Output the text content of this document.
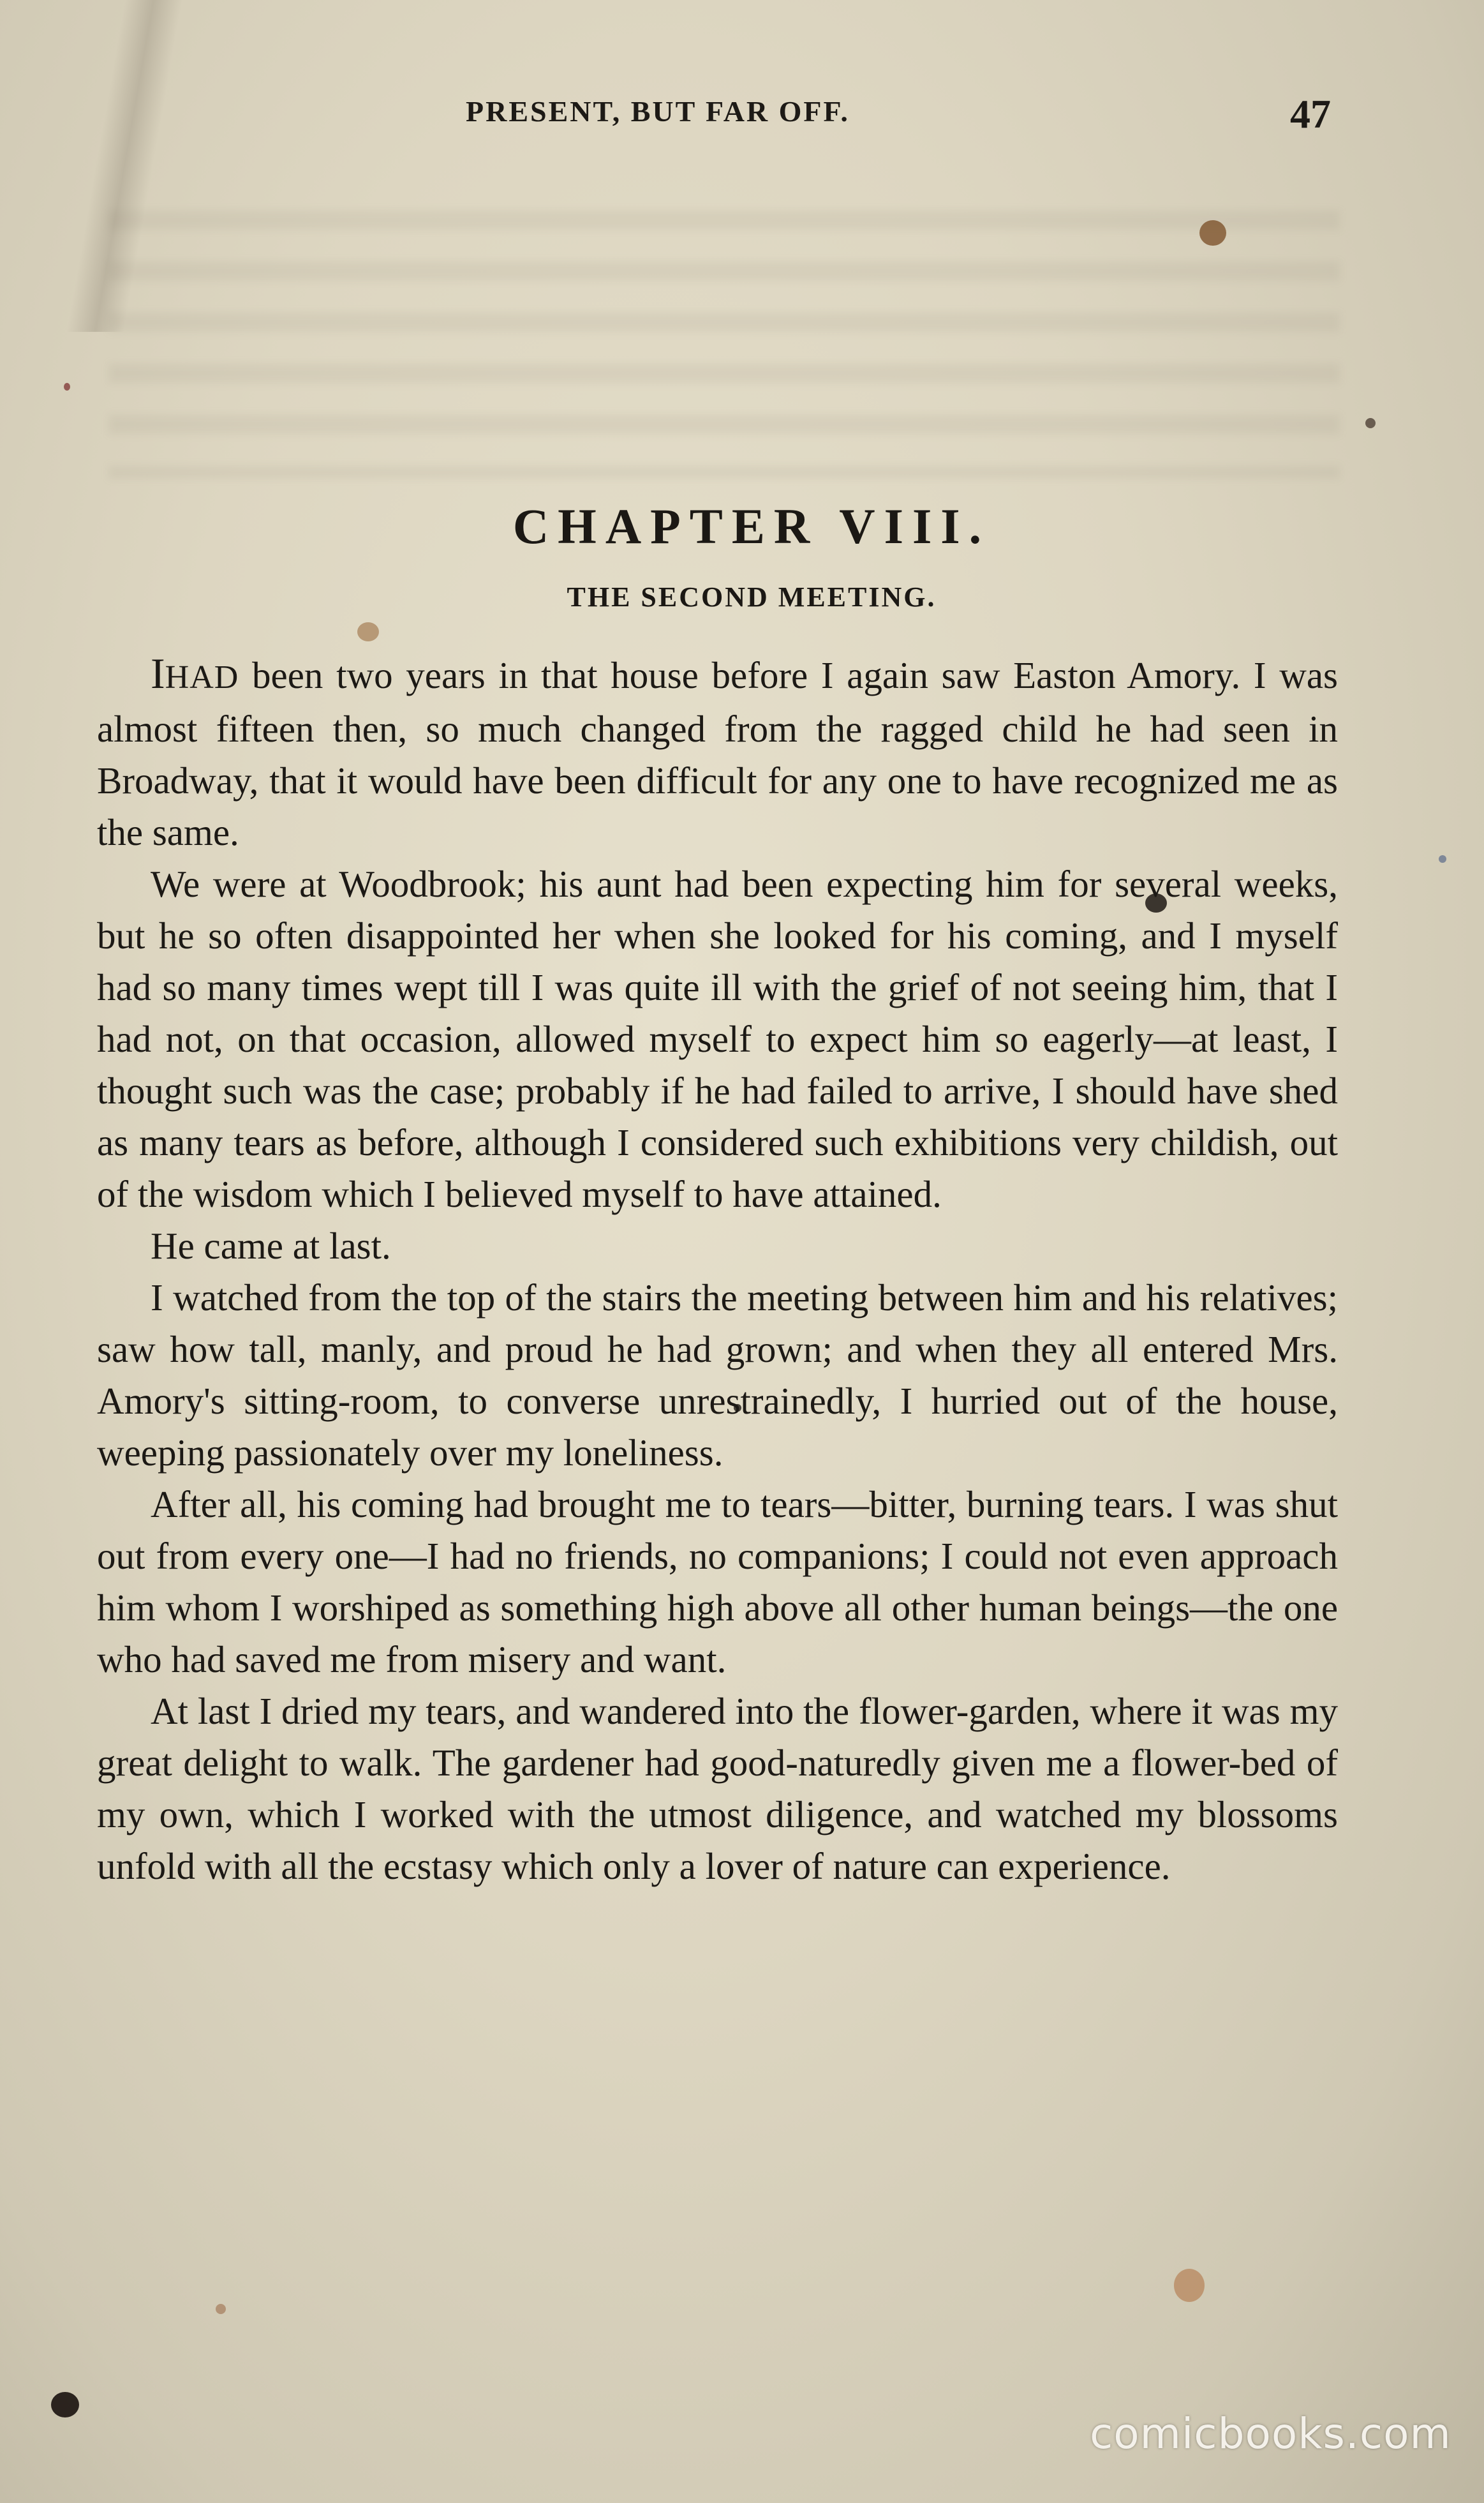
PRESENT, BUT FAR OFF.	47
CHAPTER VIII.
THE SECOND MEETING.

IHAD been two years in that house before I again saw Easton Amory. I was almost fifteen then, so much changed from the ragged child he had seen in Broadway, that it would have been difficult for any one to have recognized me as the same.

We were at Woodbrook; his aunt had been expecting him for several weeks, but he so often disappointed her when she looked for his coming, and I myself had so many times wept till I was quite ill with the grief of not seeing him, that I had not, on that occasion, allowed myself to expect him so eagerly—at least, I thought such was the case; probably if he had failed to arrive, I should have shed as many tears as before, although I considered such exhibitions very childish, out of the wisdom which I believed myself to have attained.

He came at last.

I watched from the top of the stairs the meeting between him and his relatives; saw how tall, manly, and proud he had grown; and when they all entered Mrs. Amory's sitting-room, to converse unrestrainedly, I hurried out of the house, weeping passionately over my loneliness.

After all, his coming had brought me to tears—bitter, burning tears. I was shut out from every one—I had no friends, no companions; I could not even approach him whom I worshiped as something high above all other human beings—the one who had saved me from misery and want.

At last I dried my tears, and wandered into the flower-garden, where it was my great delight to walk. The gardener had good-naturedly given me a flower-bed of my own, which I worked with the utmost diligence, and watched my blossoms unfold with all the ecstasy which only a lover of nature can experience.

comicbooks.com
